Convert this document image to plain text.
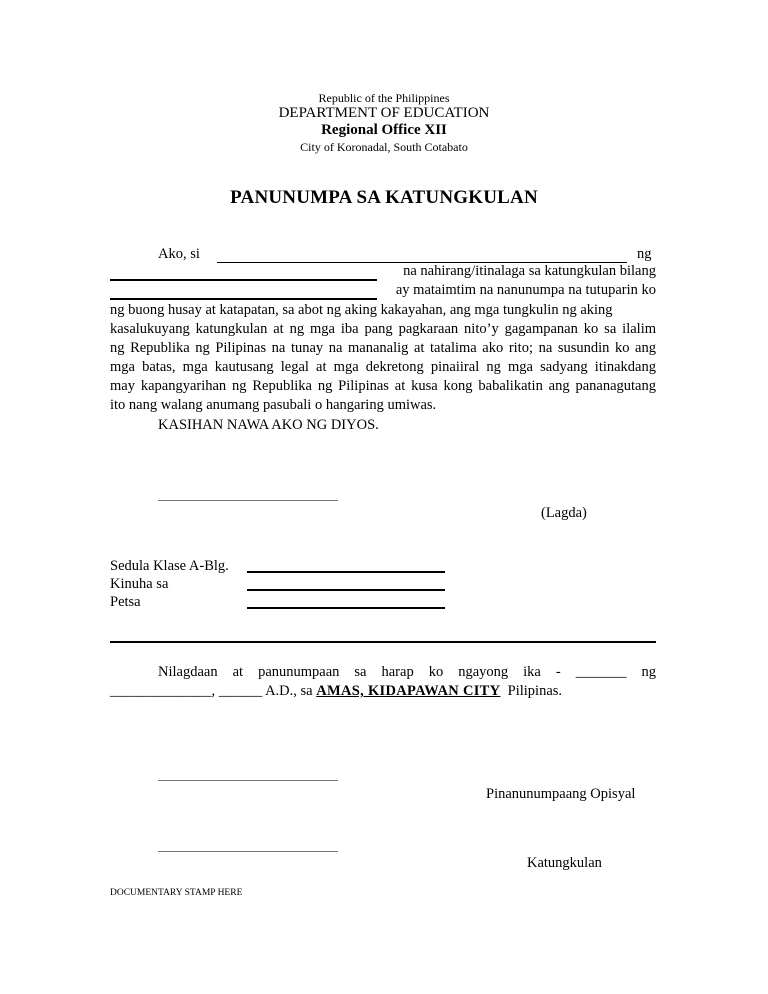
Republic of the Philippines
DEPARTMENT OF EDUCATION
Regional Office XII
City of Koronadal, South Cotabato
PANUNUMPA SA KATUNGKULAN
Ako, si	ng
na nahirang/itinalaga sa katungkulan bilang
ay mataimtim na nanunumpa na tutuparin ko
ng buong husay at katapatan, sa abot ng aking kakayahan, ang mga tungkulin ng aking
kasalukuyang katungkulan at ng mga iba pang pagkaraan nito’y gagampanan ko sa ilalim
ng Republika ng Pilipinas na tunay na mananalig at tatalima ako rito; na susundin ko ang
mga batas, mga kautusang legal at mga dekretong pinaiiral ng mga sadyang itinakdang
may kapangyarihan ng Republika ng Pilipinas at kusa kong babalikatin ang pananagutang
ito nang walang anumang pasubali o hangaring umiwas.
KASIHAN NAWA AKO NG DIYOS.
(Lagda)
Sedula Klase A-Blg.
Kinuha sa
Petsa
Nilagdaan at panunumpaan sa harap ko ngayong ika - _______ ng
______________, ______ A.D., sa AMAS, KIDAPAWAN CITY  Pilipinas.
Pinanunumpaang Opisyal
Katungkulan
DOCUMENTARY STAMP HERE
